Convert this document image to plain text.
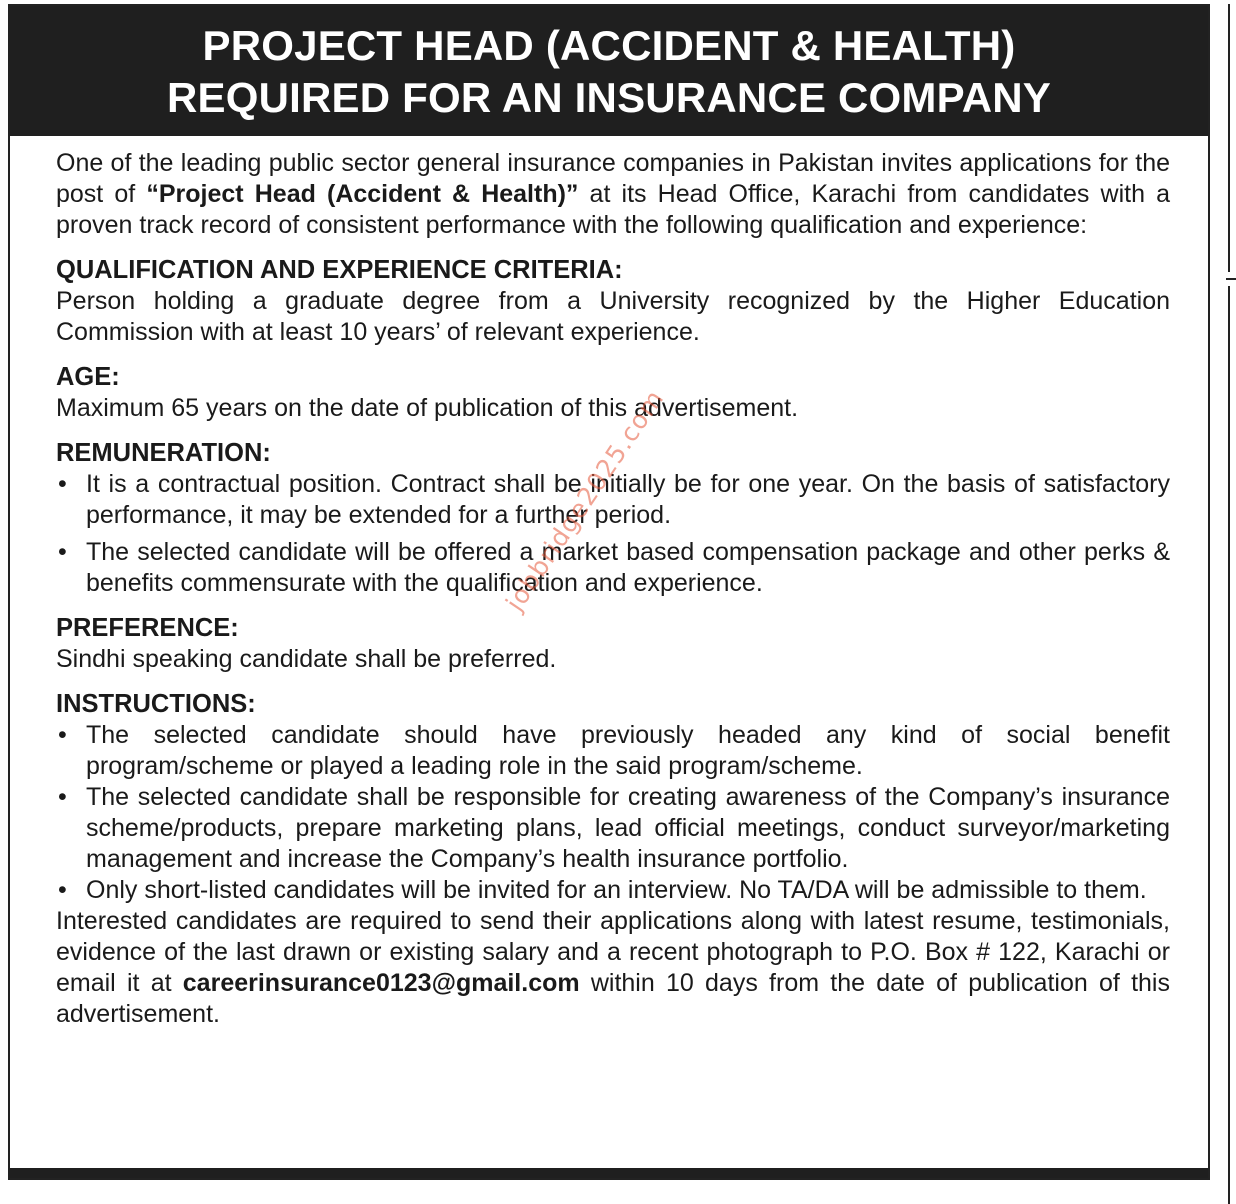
PROJECT HEAD (ACCIDENT & HEALTH)
REQUIRED FOR AN INSURANCE COMPANY

One of the leading public sector general insurance companies in Pakistan invites applications for the post of “Project Head (Accident & Health)” at its Head Office, Karachi from candidates with a proven track record of consistent performance with the following qualification and experience:

QUALIFICATION AND EXPERIENCE CRITERIA:

Person holding a graduate degree from a University recognized by the Higher Education Commission with at least 10 years’ of relevant experience.

AGE:

Maximum 65 years on the date of publication of this advertisement.

REMUNERATION:
• It is a contractual position. Contract shall be initially be for one year. On the basis of satisfactory performance, it may be extended for a further period.
• The selected candidate will be offered a market based compensation package and other perks & benefits commensurate with the qualification and experience.
PREFERENCE:

Sindhi speaking candidate shall be preferred.

INSTRUCTIONS:
• The selected candidate should have previously headed any kind of social benefit program/scheme or played a leading role in the said program/scheme.
• The selected candidate shall be responsible for creating awareness of the Company’s insurance scheme/products, prepare marketing plans, lead official meetings, conduct surveyor/marketing management and increase the Company’s health insurance portfolio.
• Only short-listed candidates will be invited for an interview. No TA/DA will be admissible to them.

Interested candidates are required to send their applications along with latest resume, testimonials, evidence of the last drawn or existing salary and a recent photograph to P.O. Box # 122, Karachi or email it at careerinsurance0123@gmail.com within 10 days from the date of publication of this advertisement.

jobbridge2025.com
